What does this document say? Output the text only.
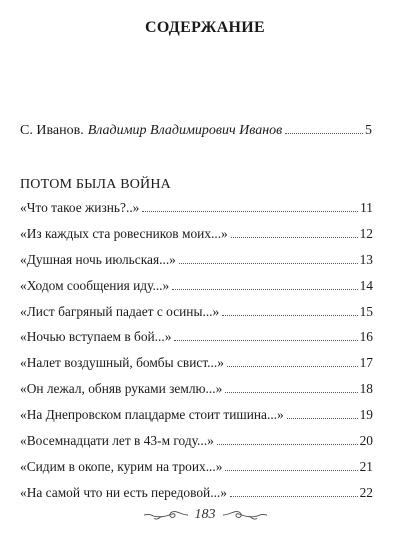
СОДЕРЖАНИЕ
С. Иванов. Владимир Владимирович Иванов	5
ПОТОМ БЫЛА ВОЙНА
«Что такое жизнь?..»	11
«Из каждых ста ровесников моих...»	12
«Душная ночь июльская...»	13
«Ходом сообщения иду...»	14
«Лист багряный падает с осины...»	15
«Ночью вступаем в бой...»	16
«Налет воздушный, бомбы свист...»	17
«Он лежал, обняв руками землю...»	18
«На Днепровском плацдарме стоит тишина...»	19
«Восемнадцати лет в 43-м году...»	20
«Сидим в окопе, курим на троих...»	21
«На самой что ни есть передовой...»	22
183
